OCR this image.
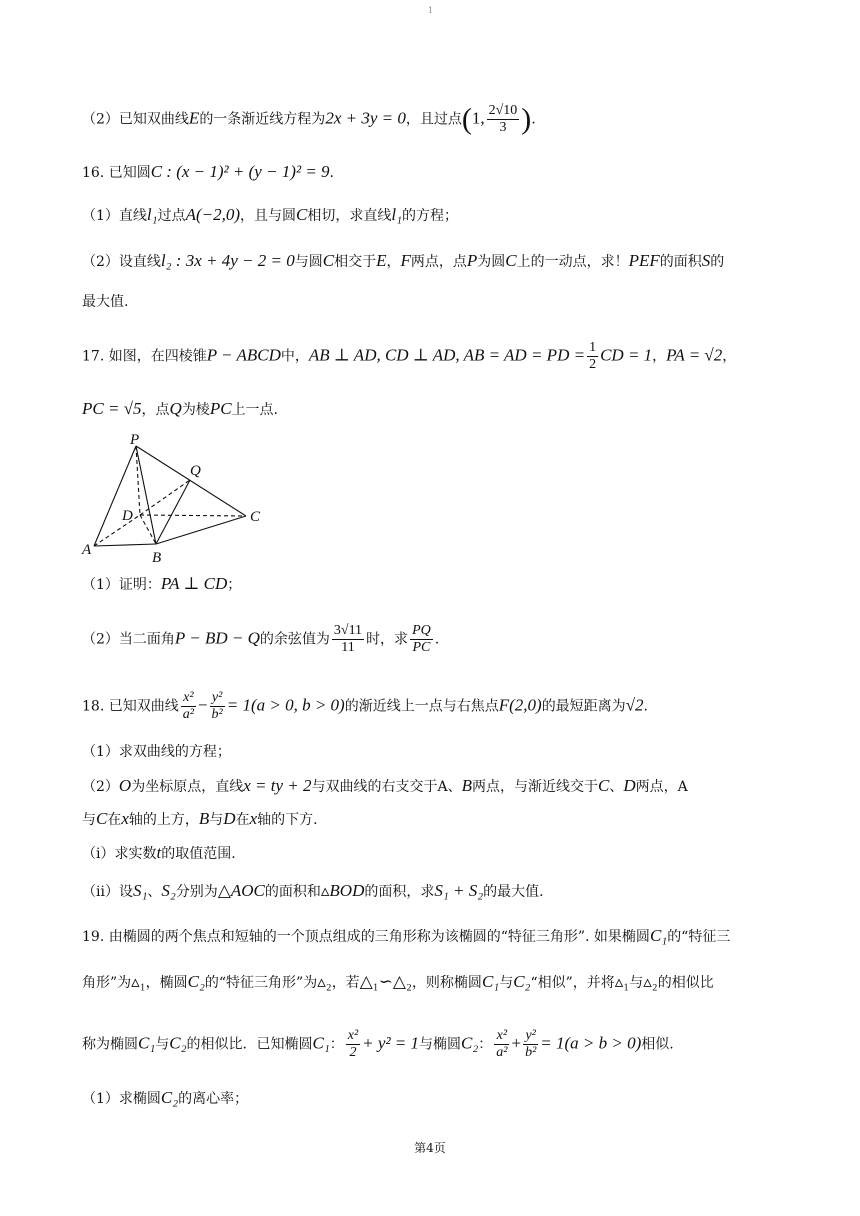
1
（2）已知双曲线E的一条渐近线方程为2x + 3y = 0，且过点(1, $\frac{2√10}{3}$ ).
16. 已知圆C : (x − 1)² + (y − 1)² = 9.
（1）直线l₁过点A(−2,0)，且与圆C相切，求直线l₁的方程；
（2）设直线l₂ : 3x + 4y − 2 = 0与圆C相交于E，F两点，点P为圆C上的一动点，求！PEF的面积S的
最大值.
17. 如图，在四棱锥P − ABCD中，AB ⊥ AD, CD ⊥ AD, AB = AD = PD = $\frac{1}{2}$ CD = 1，PA = √2，
PC = √5，点Q为棱PC上一点.
P
Q
D	C
A	B
（1）证明：PA ⊥ CD；
（2）当二面角P − BD − Q的余弦值为 $\frac{3√11}{11}$ 时，求 $\frac{PQ}{PC}$ .
18. 已知双曲线 $\frac{\text{x²}}{\text{a²}} - \frac{\text{y²}}{\text{b²}} = 1(a > 0$, b > 0)的渐近线上一点与右焦点F(2,0)的最短距离为√2.
（1）求双曲线的方程；
（2）O为坐标原点，直线x = ty + 2与双曲线的右支交于A、B两点，与渐近线交于C、D两点，A
与C在x轴的上方，B与D在x轴的下方.
（ⅰ）求实数t的取值范围.
（ⅱ）设S₁、S₂分别为△AOC的面积和▵BOD的面积，求S₁ + S₂的最大值.
19. 由椭圆的两个焦点和短轴的一个顶点组成的三角形称为该椭圆的“特征三角形”. 如果椭圆C₁的“特征三
角形”为▵₁，椭圆C₂的“特征三角形”为▵₂，若△₁∽△₂，则称椭圆C₁与C₂“相似”，并将▵₁与▵₂的相似比
称为椭圆C₁与C₂的相似比．已知椭圆C₁： $\frac{\text{x²}}{2} + y^2 = 1$与椭圆C₂： $\frac{\text{x²}}{\text{a²}} + \frac{\text{y²}}{\text{b²}} = 1(a > b > 0)$相似.
（1）求椭圆C₂的离心率；
第4页
